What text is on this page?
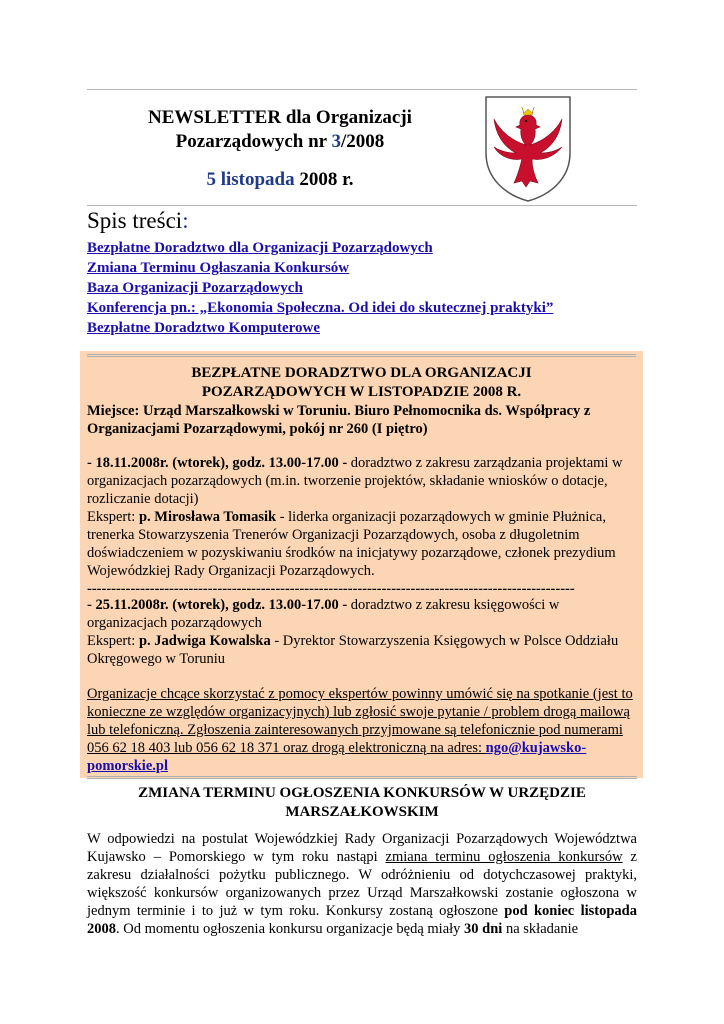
NEWSLETTER dla Organizacji
Pozarządowych nr 3/2008
5 listopada 2008 r.
Spis treści:
Bezpłatne Doradztwo dla Organizacji Pozarządowych
Zmiana Terminu Ogłaszania Konkursów
Baza Organizacji Pozarządowych
Konferencja pn.: „Ekonomia Społeczna. Od idei do skutecznej praktyki”
Bezpłatne Doradztwo Komputerowe
BEZPŁATNE DORADZTWO DLA ORGANIZACJI
POZARZĄDOWYCH W LISTOPADZIE 2008 R.
Miejsce: Urząd Marszałkowski w Toruniu. Biuro Pełnomocnika ds. Współpracy z Organizacjami Pozarządowymi, pokój nr 260 (I piętro)
- 18.11.2008r. (wtorek), godz. 13.00-17.00 - doradztwo z zakresu zarządzania projektami w organizacjach pozarządowych (m.in. tworzenie projektów, składanie wniosków o dotacje, rozliczanie dotacji)
Ekspert: p. Mirosława Tomasik - liderka organizacji pozarządowych w gminie Płużnica, trenerka Stowarzyszenia Trenerów Organizacji Pozarządowych, osoba z długoletnim doświadczeniem w pozyskiwaniu środków na inicjatywy pozarządowe, członek prezydium Wojewódzkiej Rady Organizacji Pozarządowych.
-----------------------------------------------------------------------------------------------------
- 25.11.2008r. (wtorek), godz. 13.00-17.00 - doradztwo z zakresu księgowości w organizacjach pozarządowych
Ekspert: p. Jadwiga Kowalska - Dyrektor Stowarzyszenia Księgowych w Polsce Oddziału Okręgowego w Toruniu
Organizacje chcące skorzystać z pomocy ekspertów powinny umówić się na spotkanie (jest to konieczne ze względów organizacyjnych) lub zgłosić swoje pytanie / problem drogą mailową lub telefoniczną. Zgłoszenia zainteresowanych przyjmowane są telefonicznie pod numerami 056 62 18 403 lub 056 62 18 371 oraz drogą elektroniczną na adres: ngo@kujawsko-pomorskie.pl
ZMIANA TERMINU OGŁOSZENIA KONKURSÓW W URZĘDZIE
MARSZAŁKOWSKIM
W odpowiedzi na postulat Wojewódzkiej Rady Organizacji Pozarządowych Województwa Kujawsko – Pomorskiego w tym roku nastąpi zmiana terminu ogłoszenia konkursów z zakresu działalności pożytku publicznego. W odróżnieniu od dotychczasowej praktyki, większość konkursów organizowanych przez Urząd Marszałkowski zostanie ogłoszona w jednym terminie i to już w tym roku. Konkursy zostaną ogłoszone pod koniec listopada 2008. Od momentu ogłoszenia konkursu organizacje będą miały 30 dni na składanie
